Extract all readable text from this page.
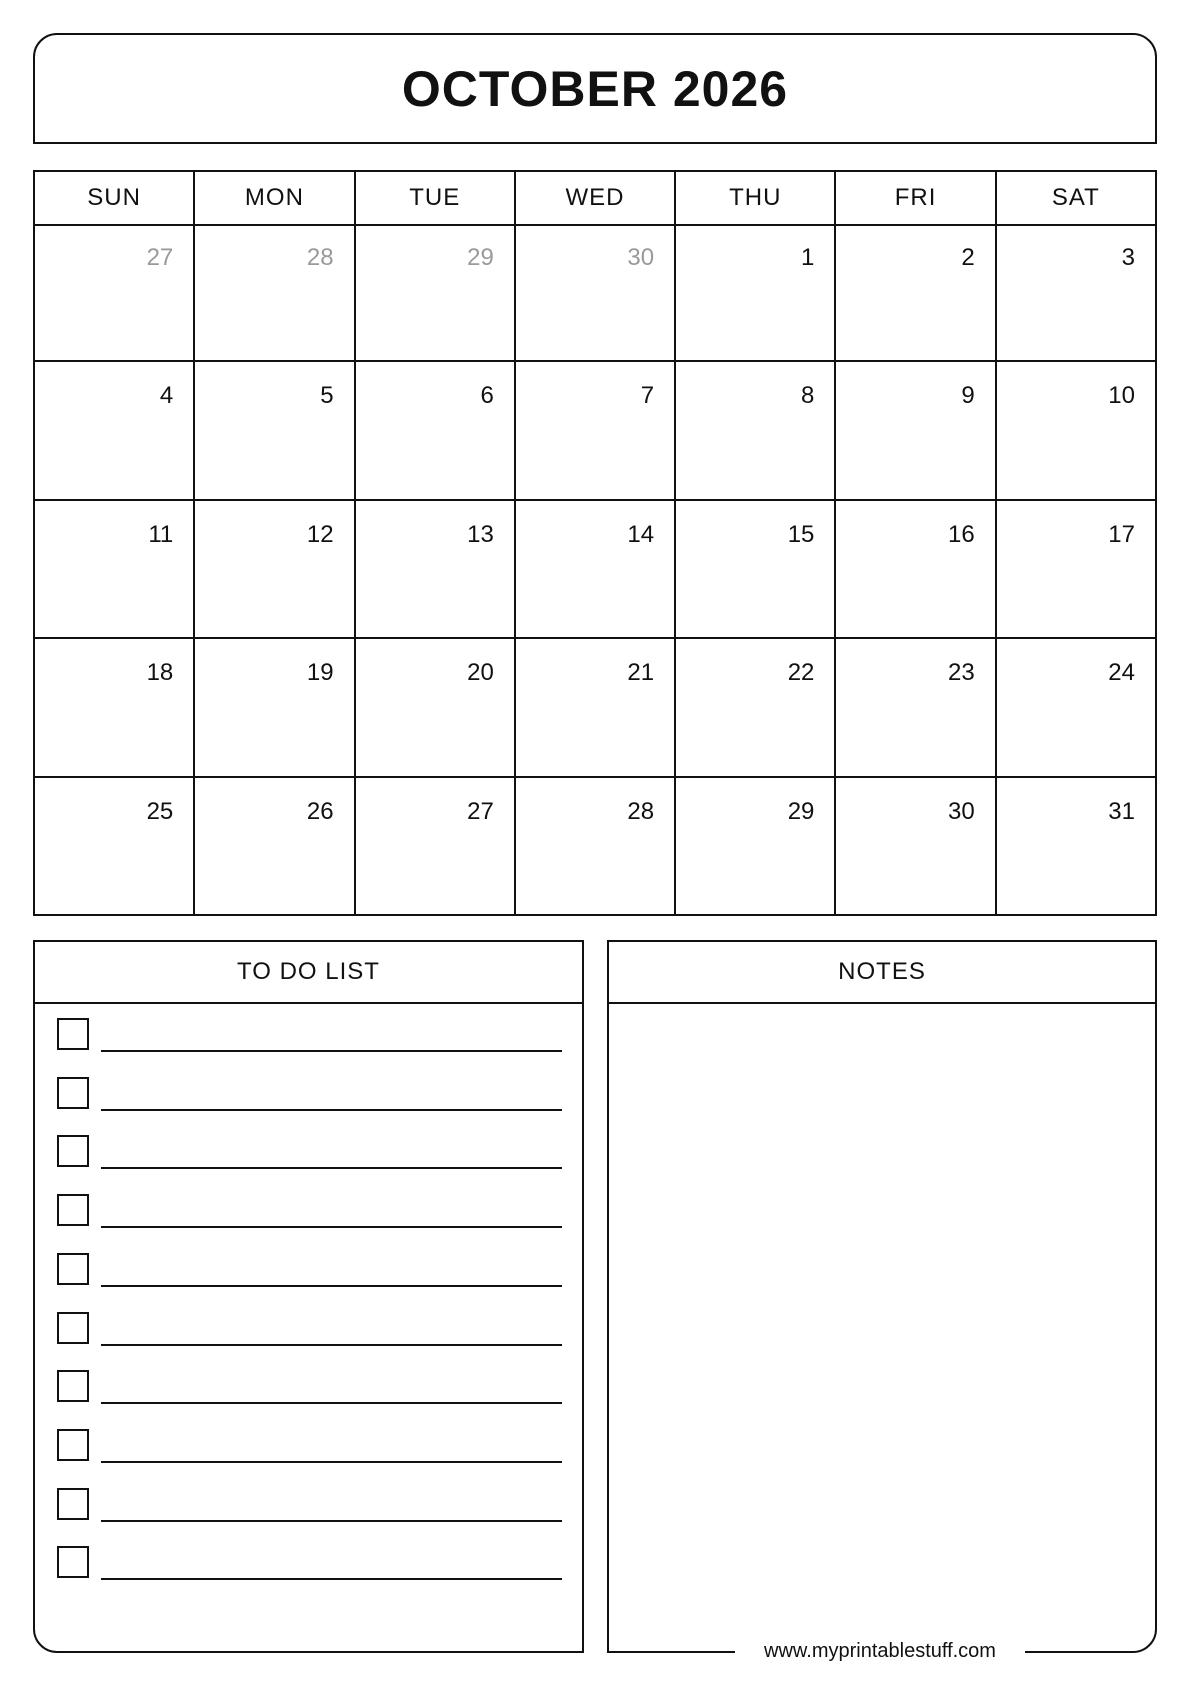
OCTOBER 2026
SUN	MON	TUE	WED	THU	FRI	SAT
27	28	29	30	1	2	3
4	5	6	7	8	9	10
11	12	13	14	15	16	17
18	19	20	21	22	23	24
25	26	27	28	29	30	31
TO DO LIST	NOTES
www.myprintablestuff.com
